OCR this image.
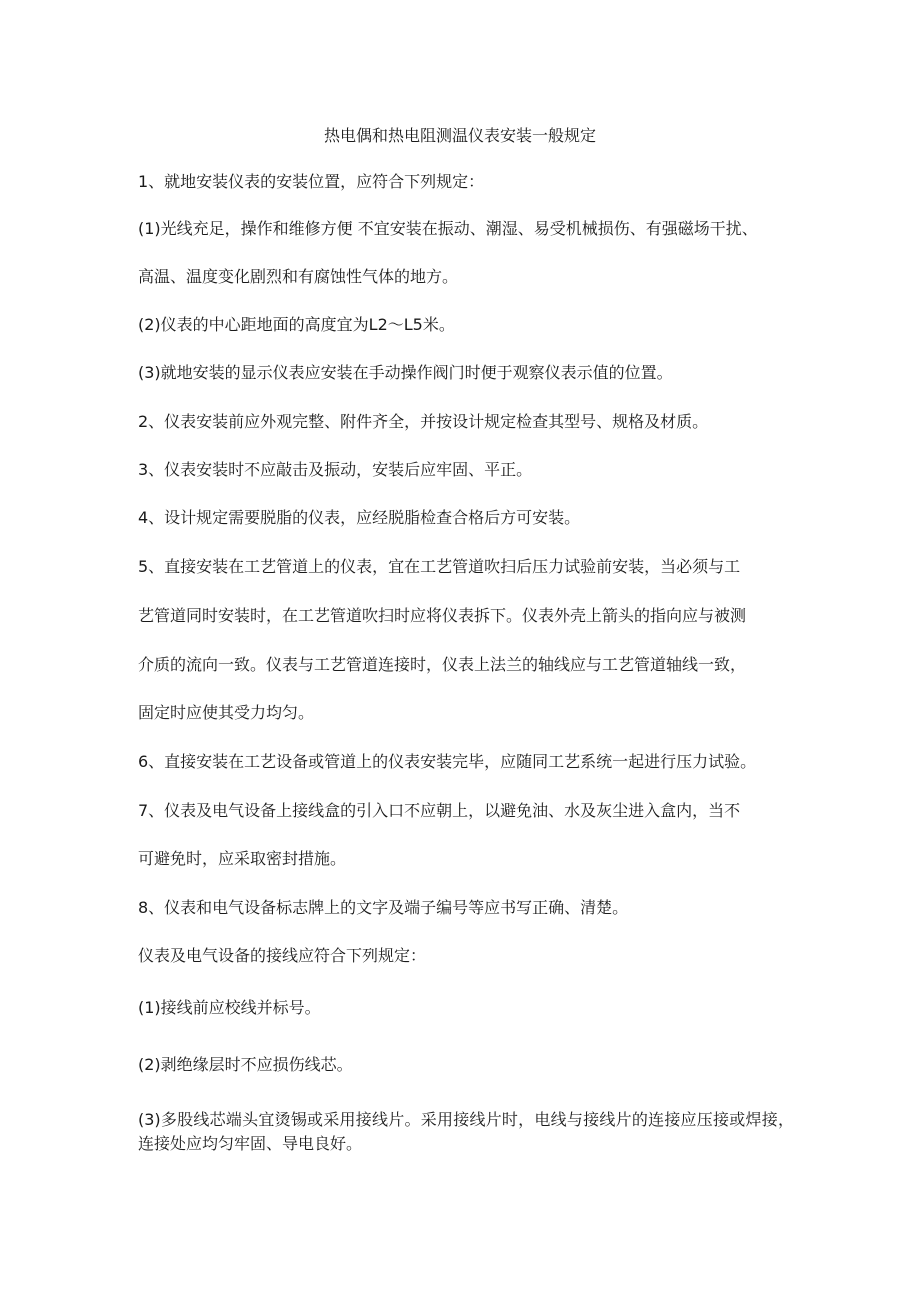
热电偶和热电阻测温仪表安装一般规定
1、就地安装仪表的安装位置，应符合下列规定：
(1)光线充足，操作和维修方便 不宜安装在振动、潮湿、易受机械损伤、有强磁场干扰、
高温、温度变化剧烈和有腐蚀性气体的地方。
(2)仪表的中心距地面的高度宜为L2～L5米。
(3)就地安装的显示仪表应安装在手动操作阀门时便于观察仪表示值的位置。
2、仪表安装前应外观完整、附件齐全，并按设计规定检查其型号、规格及材质。
3、仪表安装时不应敲击及振动，安装后应牢固、平正。
4、设计规定需要脱脂的仪表，应经脱脂检查合格后方可安装。
5、直接安装在工艺管道上的仪表，宜在工艺管道吹扫后压力试验前安装，当必须与工
艺管道同时安装时，在工艺管道吹扫时应将仪表拆下。仪表外壳上箭头的指向应与被测
介质的流向一致。仪表与工艺管道连接时，仪表上法兰的轴线应与工艺管道轴线一致，
固定时应使其受力均匀。
6、直接安装在工艺设备或管道上的仪表安装完毕，应随同工艺系统一起进行压力试验。
7、仪表及电气设备上接线盒的引入口不应朝上，以避免油、水及灰尘进入盒内，当不
可避免时，应采取密封措施。
8、仪表和电气设备标志牌上的文字及端子编号等应书写正确、清楚。
仪表及电气设备的接线应符合下列规定：
(1)接线前应校线并标号。
(2)剥绝缘层时不应损伤线芯。
(3)多股线芯端头宜烫锡或采用接线片。采用接线片时，电线与接线片的连接应压接或焊接，连接处应均匀牢固、导电良好。
